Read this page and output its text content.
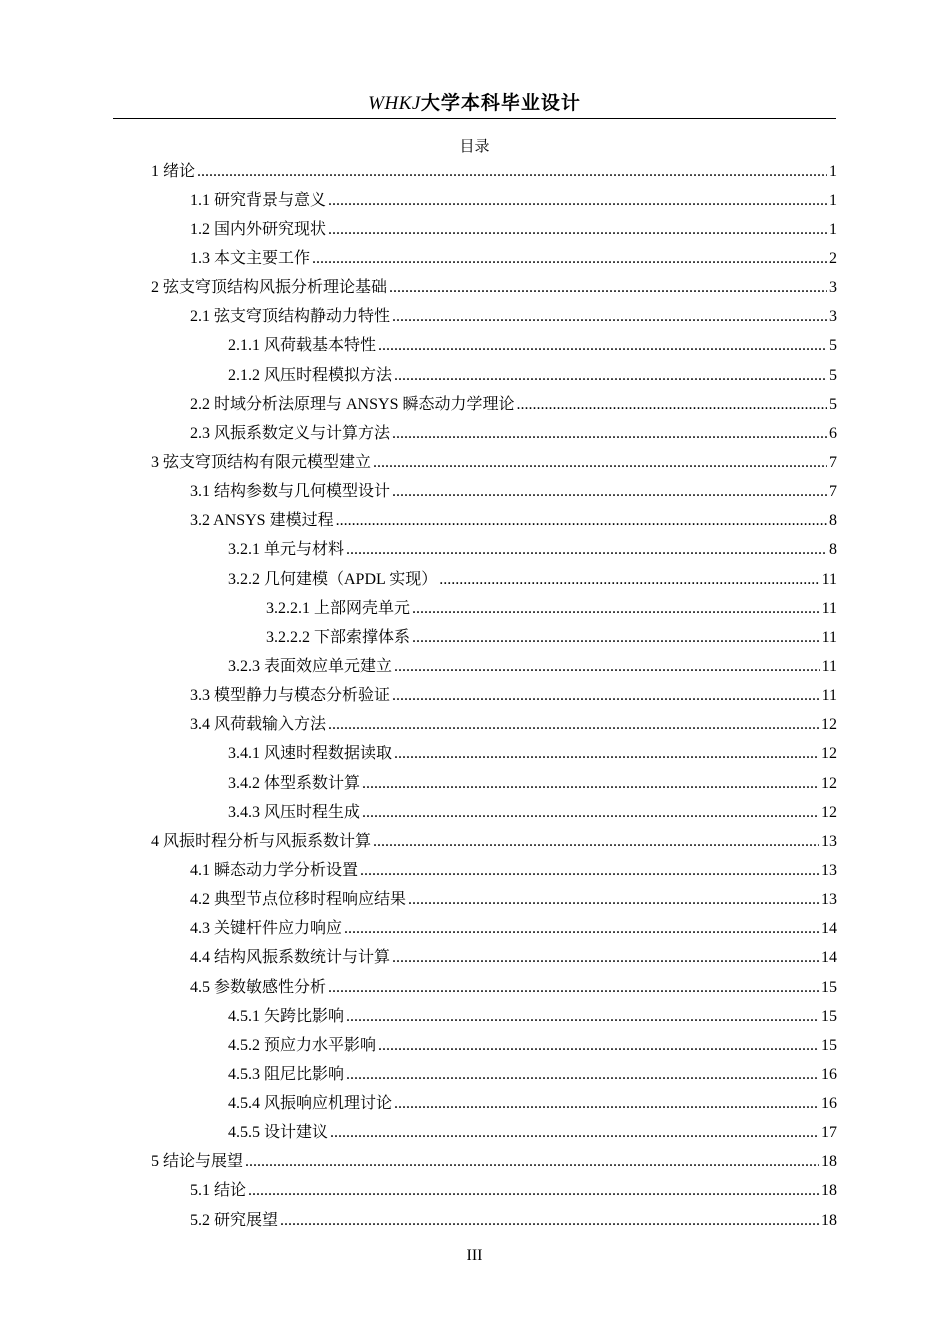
WHKJ大学本科毕业设计
目录
1 绪论 .....	1
1.1 研究背景与意义 .....	1
1.2 国内外研究现状 .....	1
1.3 本文主要工作 .....	2
2 弦支穹顶结构风振分析理论基础 .....	3
2.1 弦支穹顶结构静动力特性 .....	3
2.1.1 风荷载基本特性 .....	5
2.1.2 风压时程模拟方法 .....	5
2.2 时域分析法原理与 ANSYS 瞬态动力学理论 .....	5
2.3 风振系数定义与计算方法 .....	6
3 弦支穹顶结构有限元模型建立 .....	7
3.1 结构参数与几何模型设计 .....	7
3.2 ANSYS 建模过程 .....	8
3.2.1 单元与材料 .....	8
3.2.2 几何建模（APDL 实现） .....	11
3.2.2.1 上部网壳单元 .....	11
3.2.2.2 下部索撑体系 .....	11
3.2.3 表面效应单元建立 .....	11
3.3 模型静力与模态分析验证 .....	11
3.4 风荷载输入方法 .....	12
3.4.1 风速时程数据读取 .....	12
3.4.2 体型系数计算 .....	12
3.4.3 风压时程生成 .....	12
4 风振时程分析与风振系数计算 .....	13
4.1 瞬态动力学分析设置 .....	13
4.2 典型节点位移时程响应结果 .....	13
4.3 关键杆件应力响应 .....	14
4.4 结构风振系数统计与计算 .....	14
4.5 参数敏感性分析 .....	15
4.5.1 矢跨比影响 .....	15
4.5.2 预应力水平影响 .....	15
4.5.3 阻尼比影响 .....	16
4.5.4 风振响应机理讨论 .....	16
4.5.5 设计建议 .....	17
5 结论与展望 .....	18
5.1 结论 .....	18
5.2 研究展望 .....	18
III
